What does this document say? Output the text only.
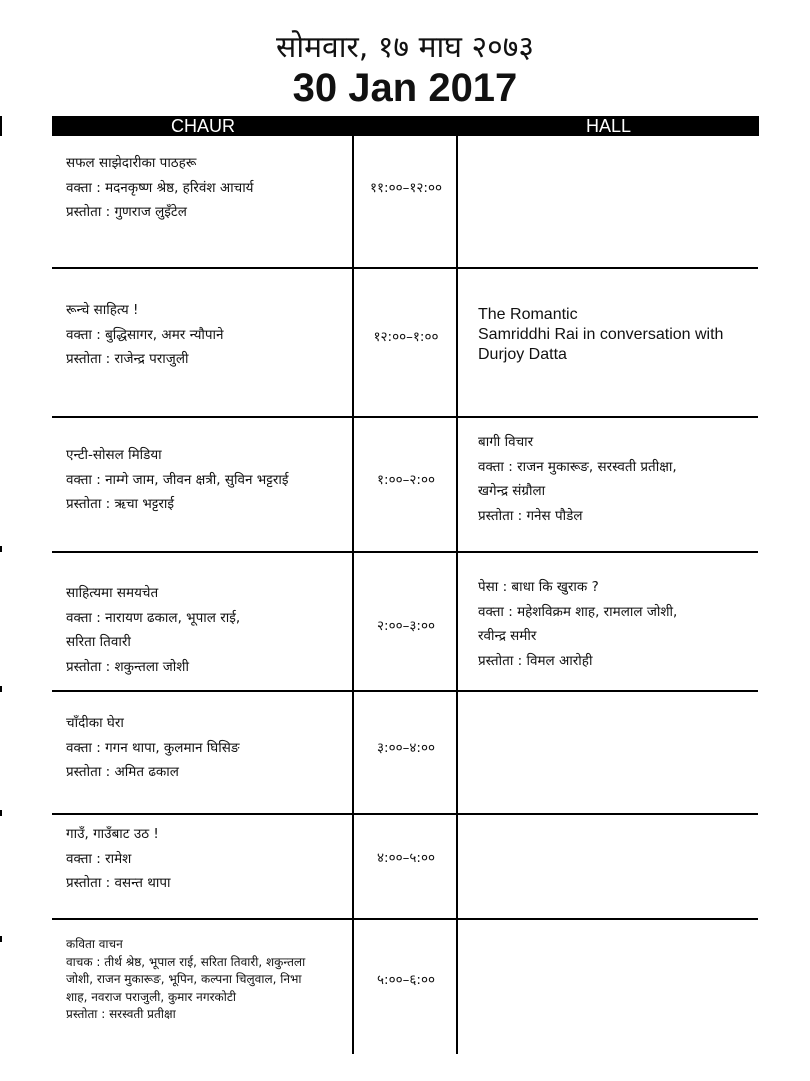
सोमवार, १७ माघ २०७३
30 Jan 2017
CHAUR	HALL
सफल साझेदारीका पाठहरू
वक्ता : मदनकृष्ण श्रेष्ठ, हरिवंश आचार्य
प्रस्तोता : गुणराज लुइँटेल
११:००–१२:००
रून्चे साहित्य !
वक्ता : बुद्धिसागर, अमर न्यौपाने
प्रस्तोता : राजेन्द्र पराजुली
१२:००–१:००
The Romantic
Samriddhi Rai in conversation with
Durjoy Datta
एन्टी-सोसल मिडिया
वक्ता : नाम्गे जाम, जीवन क्षत्री, सुविन भट्टराई
प्रस्तोता : ऋचा भट्टराई
१:००–२:००
बागी विचार
वक्ता : राजन मुकारूङ, सरस्वती प्रतीक्षा,
खगेन्द्र संग्रौला
प्रस्तोता : गनेस पौडेल
साहित्यमा समयचेत
वक्ता : नारायण ढकाल, भूपाल राई,
सरिता तिवारी
प्रस्तोता : शकुन्तला जोशी
२:००–३:००
पेसा : बाधा कि खुराक ?
वक्ता : महेशविक्रम शाह, रामलाल जोशी,
रवीन्द्र समीर
प्रस्तोता : विमल आरोही
चाँदीका घेरा
वक्ता : गगन थापा, कुलमान घिसिङ
प्रस्तोता : अमित ढकाल
३:००–४:००
गाउँ, गाउँबाट उठ !
वक्ता : रामेश
प्रस्तोता : वसन्त थापा
४:००–५:००
कविता वाचन
वाचक : तीर्थ श्रेष्ठ, भूपाल राई, सरिता तिवारी, शकुन्तला
जोशी, राजन मुकारूङ, भूपिन, कल्पना चिलुवाल, निभा
शाह, नवराज पराजुली, कुमार नगरकोटी
प्रस्तोता : सरस्वती प्रतीक्षा
५:००–६:००
